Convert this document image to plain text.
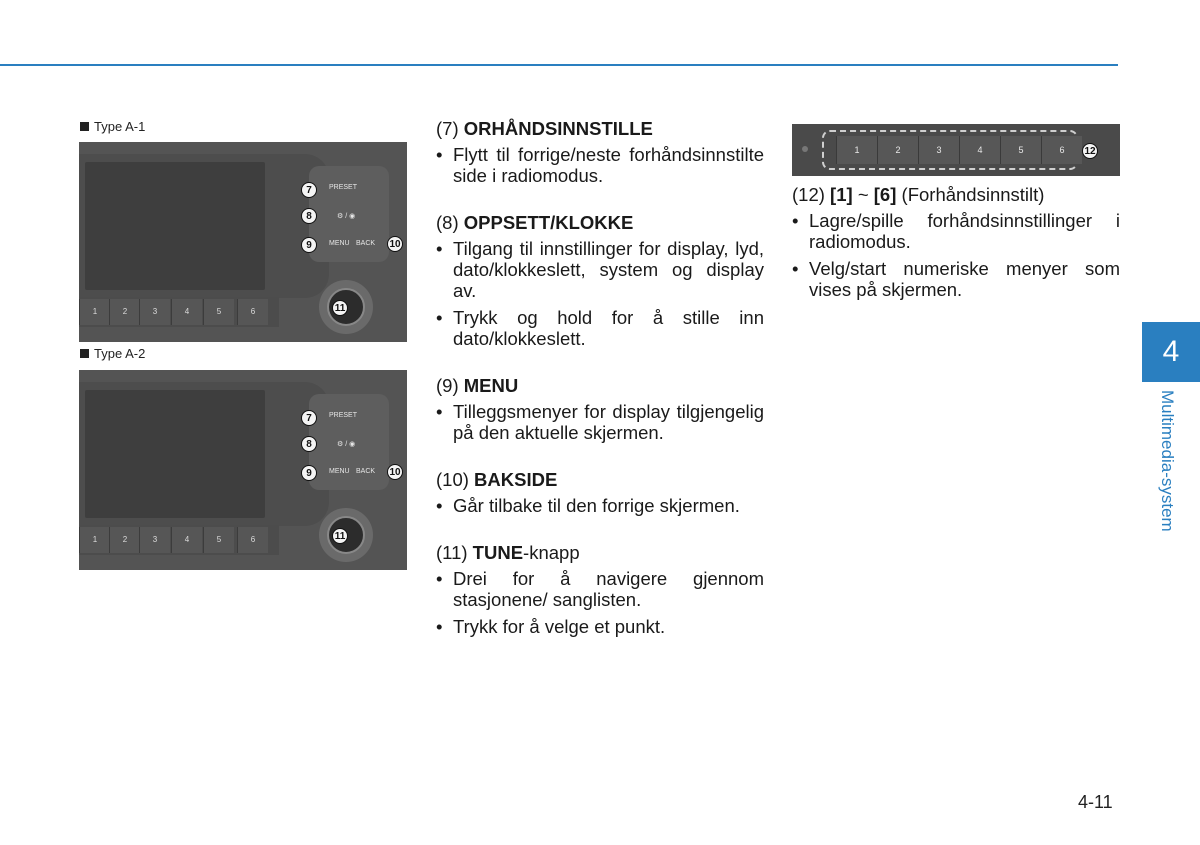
Type A-1
PRESET
⚙ / ◉
MENU BACK
1	2	3	4	5	6
7
8
9	10
11
Type A-2
PRESET
⚙ / ◉
MENU BACK
1	2	3	4	5	6
7
8
9	10
11
(7) ORHÅNDSINNSTILLE
• Flytt til forrige/neste forhåndsinnstilte side i radiomodus.
(8) OPPSETT/KLOKKE
• Tilgang til innstillinger for display, lyd, dato/klokkeslett, system og display av.
• Trykk og hold for å stille inn dato/klokkeslett.
(9) MENU
• Tilleggsmenyer for display tilgjengelig på den aktuelle skjermen.
(10) BAKSIDE
• Går tilbake til den forrige skjermen.
(11) TUNE-knapp
• Drei for å navigere gjennom stasjonene/ sanglisten.
• Trykk for å velge et punkt.
1	2	3	4	5	6	12
(12) [1] ~ [6] (Forhåndsinnstilt)
• Lagre/spille forhåndsinnstillinger i radiomodus.
• Velg/start numeriske menyer som vises på skjermen.
4
Multimedia-system
4-11
